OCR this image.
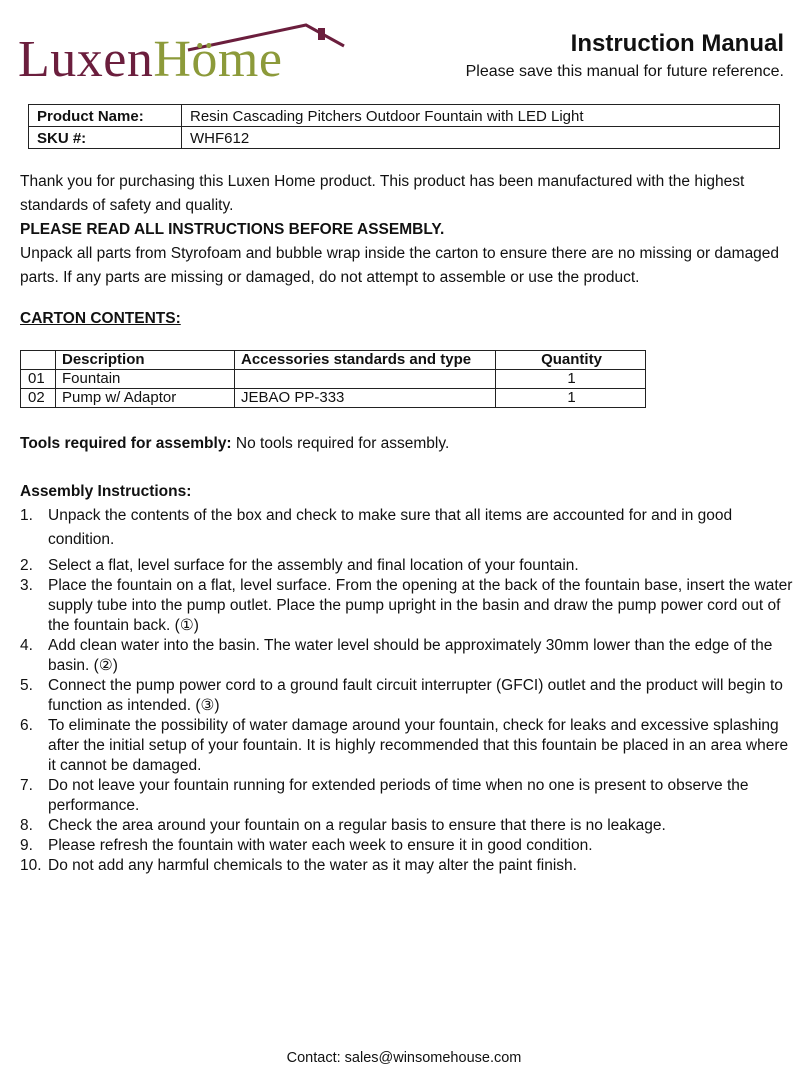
LuxenHöme	Instruction Manual
Please save this manual for future reference.
Product Name:	Resin Cascading Pitchers Outdoor Fountain with LED Light
SKU #:	WHF612
Thank you for purchasing this Luxen Home product. This product has been manufactured with the highest standards of safety and quality.
PLEASE READ ALL INSTRUCTIONS BEFORE ASSEMBLY.
Unpack all parts from Styrofoam and bubble wrap inside the carton to ensure there are no missing or damaged parts. If any parts are missing or damaged, do not attempt to assemble or use the product.
CARTON CONTENTS:
	Description	Accessories standards and type	Quantity
01	Fountain		1
02	Pump w/ Adaptor	JEBAO PP-333	1
Tools required for assembly: No tools required for assembly.
Assembly Instructions:
1. Unpack the contents of the box and check to make sure that all items are accounted for and in good condition.
2. Select a flat, level surface for the assembly and final location of your fountain.
3. Place the fountain on a flat, level surface. From the opening at the back of the fountain base, insert the water supply tube into the pump outlet. Place the pump upright in the basin and draw the pump power cord out of the fountain back. (①)
4. Add clean water into the basin. The water level should be approximately 30mm lower than the edge of the basin. (②)
5. Connect the pump power cord to a ground fault circuit interrupter (GFCI) outlet and the product will begin to function as intended. (③)
6. To eliminate the possibility of water damage around your fountain, check for leaks and excessive splashing after the initial setup of your fountain. It is highly recommended that this fountain be placed in an area where it cannot be damaged.
7. Do not leave your fountain running for extended periods of time when no one is present to observe the performance.
8. Check the area around your fountain on a regular basis to ensure that there is no leakage.
9. Please refresh the fountain with water each week to ensure it in good condition.
10. Do not add any harmful chemicals to the water as it may alter the paint finish.
Contact: sales@winsomehouse.com
